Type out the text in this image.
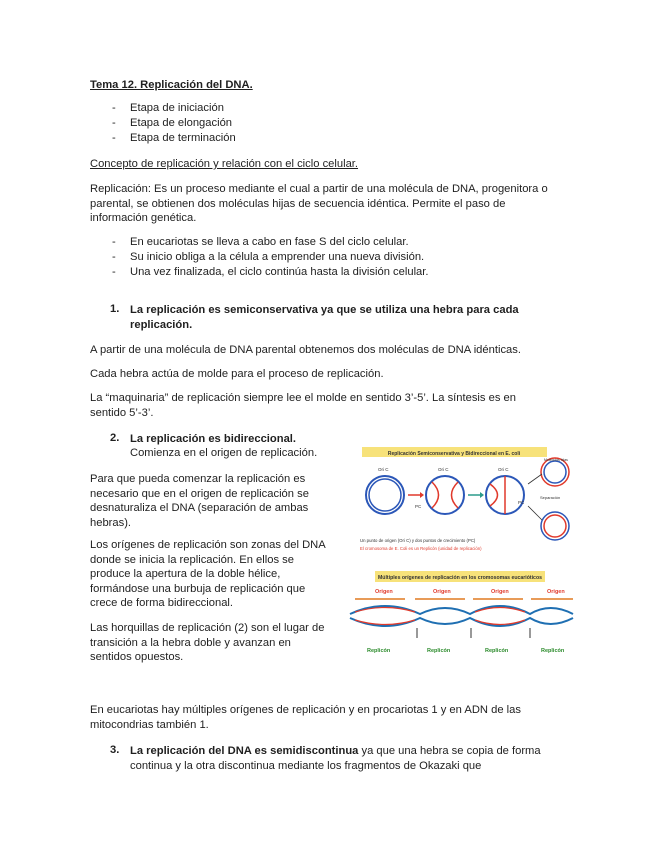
Tema 12. Replicación del DNA.
- Etapa de iniciación
- Etapa de elongación
- Etapa de terminación
Concepto de replicación y relación con el ciclo celular.
Replicación: Es un proceso mediante el cual a partir de una molécula de DNA, progenitora o
parental, se obtienen dos moléculas hijas de secuencia idéntica. Permite el paso de
información genética.
- En eucariotas se lleva a cabo en fase S del ciclo celular.
- Su inicio obliga a la célula a emprender una nueva división.
- Una vez finalizada, el ciclo continúa hasta la división celular.
1. La replicación es semiconservativa ya que se utiliza una hebra para cada
replicación.
A partir de una molécula de DNA parental obtenemos dos moléculas de DNA idénticas.
Cada hebra actúa de molde para el proceso de replicación.
La “maquinaria” de replicación siempre lee el molde en sentido 3’-5’. La síntesis es en
sentido 5’-3’.
2. La replicación es bidireccional.
Comienza en el origen de replicación.
Para que pueda comenzar la replicación es
necesario que en el origen de replicación se
desnaturaliza el DNA (separación de ambas
hebras).
Los orígenes de replicación son zonas del DNA
donde se inicia la replicación. En ellos se
produce la apertura de la doble hélice,
formándose una burbuja de replicación que
crece de forma bidireccional.
Las horquillas de replicación (2) son el lugar de
transición a la hebra doble y avanzan en
sentidos opuestos.
Replicación Semiconservativa y Bidireccional en E. coli
Ori C	Ori C
PC
Ori C
PC
Moléculas hijas
Separación
Un punto de origen (Ori C) y dos puntos de crecimiento (PC)
El cromosoma de E. Coli es un Replicón (unidad de replicación)
Múltiples orígenes de replicación en los cromosomas eucarióticos
Origen	Origen	Origen	Origen
Replicón	Replicón	Replicón	Replicón
En eucariotas hay múltiples orígenes de replicación y en procariotas 1 y en ADN de las
mitocondrias también 1.
3. La replicación del DNA es semidiscontinua ya que una hebra se copia de forma
continua y la otra discontinua mediante los fragmentos de Okazaki que
